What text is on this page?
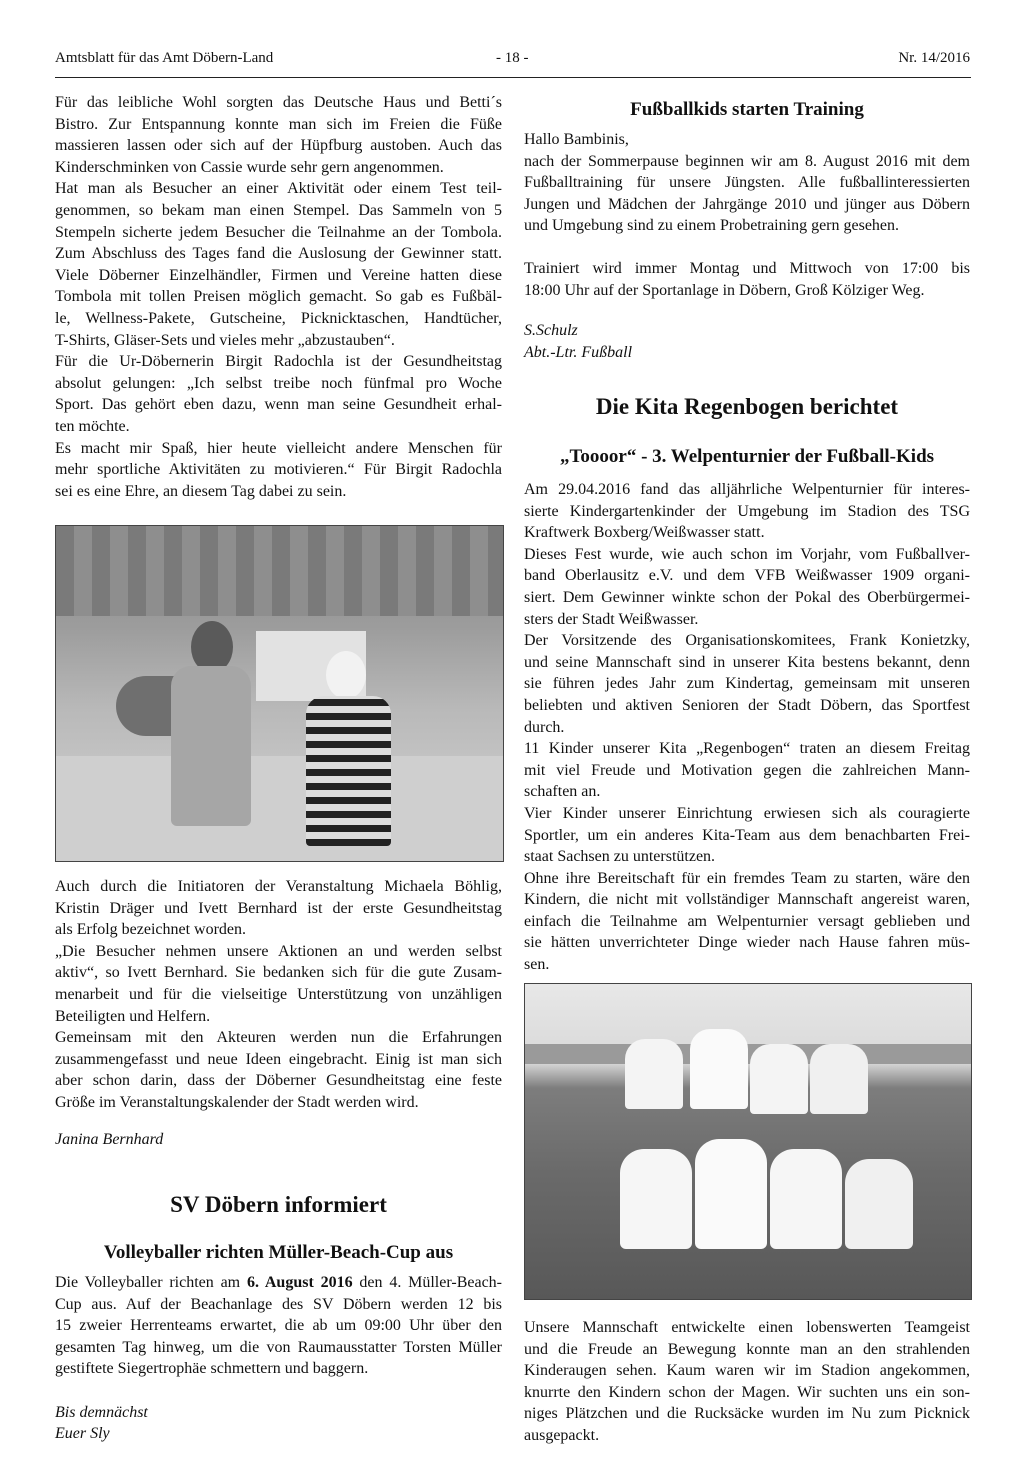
Amtsblatt für das Amt Döbern-Land	- 18 -	Nr. 14/2016
Für das leibliche Wohl sorgten das Deutsche Haus und Betti´s
Bistro. Zur Entspannung konnte man sich im Freien die Füße
massieren lassen oder sich auf der Hüpfburg austoben. Auch das
Kinderschminken von Cassie wurde sehr gern angenommen.
Hat man als Besucher an einer Aktivität oder einem Test teil-
genommen, so bekam man einen Stempel. Das Sammeln von 5
Stempeln sicherte jedem Besucher die Teilnahme an der Tombola.
Zum Abschluss des Tages fand die Auslosung der Gewinner statt.
Viele Döberner Einzelhändler, Firmen und Vereine hatten diese
Tombola mit tollen Preisen möglich gemacht. So gab es Fußbäl-
le, Wellness-Pakete, Gutscheine, Picknicktaschen, Handtücher,
T-Shirts, Gläser-Sets und vieles mehr „abzustauben“.
Für die Ur-Döbernerin Birgit Radochla ist der Gesundheitstag
absolut gelungen: „Ich selbst treibe noch fünfmal pro Woche
Sport. Das gehört eben dazu, wenn man seine Gesundheit erhal-
ten möchte.
Es macht mir Spaß, hier heute vielleicht andere Menschen für
mehr sportliche Aktivitäten zu motivieren.“ Für Birgit Radochla
sei es eine Ehre, an diesem Tag dabei zu sein.
Auch durch die Initiatoren der Veranstaltung Michaela Böhlig,
Kristin Dräger und Ivett Bernhard ist der erste Gesundheitstag
als Erfolg bezeichnet worden.
„Die Besucher nehmen unsere Aktionen an und werden selbst
aktiv“, so Ivett Bernhard. Sie bedanken sich für die gute Zusam-
menarbeit und für die vielseitige Unterstützung von unzähligen
Beteiligten und Helfern.
Gemeinsam mit den Akteuren werden nun die Erfahrungen
zusammengefasst und neue Ideen eingebracht. Einig ist man sich
aber schon darin, dass der Döberner Gesundheitstag eine feste
Größe im Veranstaltungskalender der Stadt werden wird.
Janina Bernhard
SV Döbern informiert
Volleyballer richten Müller-Beach-Cup aus
Die Volleyballer richten am 6. August 2016 den 4. Müller-Beach-
Cup aus. Auf der Beachanlage des SV Döbern werden 12 bis
15 zweier Herrenteams erwartet, die ab um 09:00 Uhr über den
gesamten Tag hinweg, um die von Raumausstatter Torsten Müller
gestiftete Siegertrophäe schmettern und baggern.
Bis demnächst
Euer Sly
Fußballkids starten Training
Hallo Bambinis,
nach der Sommerpause beginnen wir am 8. August 2016 mit dem
Fußballtraining für unsere Jüngsten. Alle fußballinteressierten
Jungen und Mädchen der Jahrgänge 2010 und jünger aus Döbern
und Umgebung sind zu einem Probetraining gern gesehen.
Trainiert wird immer Montag und Mittwoch von 17:00 bis
18:00 Uhr auf der Sportanlage in Döbern, Groß Kölziger Weg.
S.Schulz
Abt.-Ltr. Fußball
Die Kita Regenbogen berichtet
„Toooor“ - 3. Welpenturnier der Fußball-Kids
Am 29.04.2016 fand das alljährliche Welpenturnier für interes-
sierte Kindergartenkinder der Umgebung im Stadion des TSG
Kraftwerk Boxberg/Weißwasser statt.
Dieses Fest wurde, wie auch schon im Vorjahr, vom Fußballver-
band Oberlausitz e.V. und dem VFB Weißwasser 1909 organi-
siert. Dem Gewinner winkte schon der Pokal des Oberbürgermei-
sters der Stadt Weißwasser.
Der Vorsitzende des Organisationskomitees, Frank Konietzky,
und seine Mannschaft sind in unserer Kita bestens bekannt, denn
sie führen jedes Jahr zum Kindertag, gemeinsam mit unseren
beliebten und aktiven Senioren der Stadt Döbern, das Sportfest
durch.
11 Kinder unserer Kita „Regenbogen“ traten an diesem Freitag
mit viel Freude und Motivation gegen die zahlreichen Mann-
schaften an.
Vier Kinder unserer Einrichtung erwiesen sich als couragierte
Sportler, um ein anderes Kita-Team aus dem benachbarten Frei-
staat Sachsen zu unterstützen.
Ohne ihre Bereitschaft für ein fremdes Team zu starten, wäre den
Kindern, die nicht mit vollständiger Mannschaft angereist waren,
einfach die Teilnahme am Welpenturnier versagt geblieben und
sie hätten unverrichteter Dinge wieder nach Hause fahren müs-
sen.
Unsere Mannschaft entwickelte einen lobenswerten Teamgeist
und die Freude an Bewegung konnte man an den strahlenden
Kinderaugen sehen. Kaum waren wir im Stadion angekommen,
knurrte den Kindern schon der Magen. Wir suchten uns ein son-
niges Plätzchen und die Rucksäcke wurden im Nu zum Picknick
ausgepackt.
